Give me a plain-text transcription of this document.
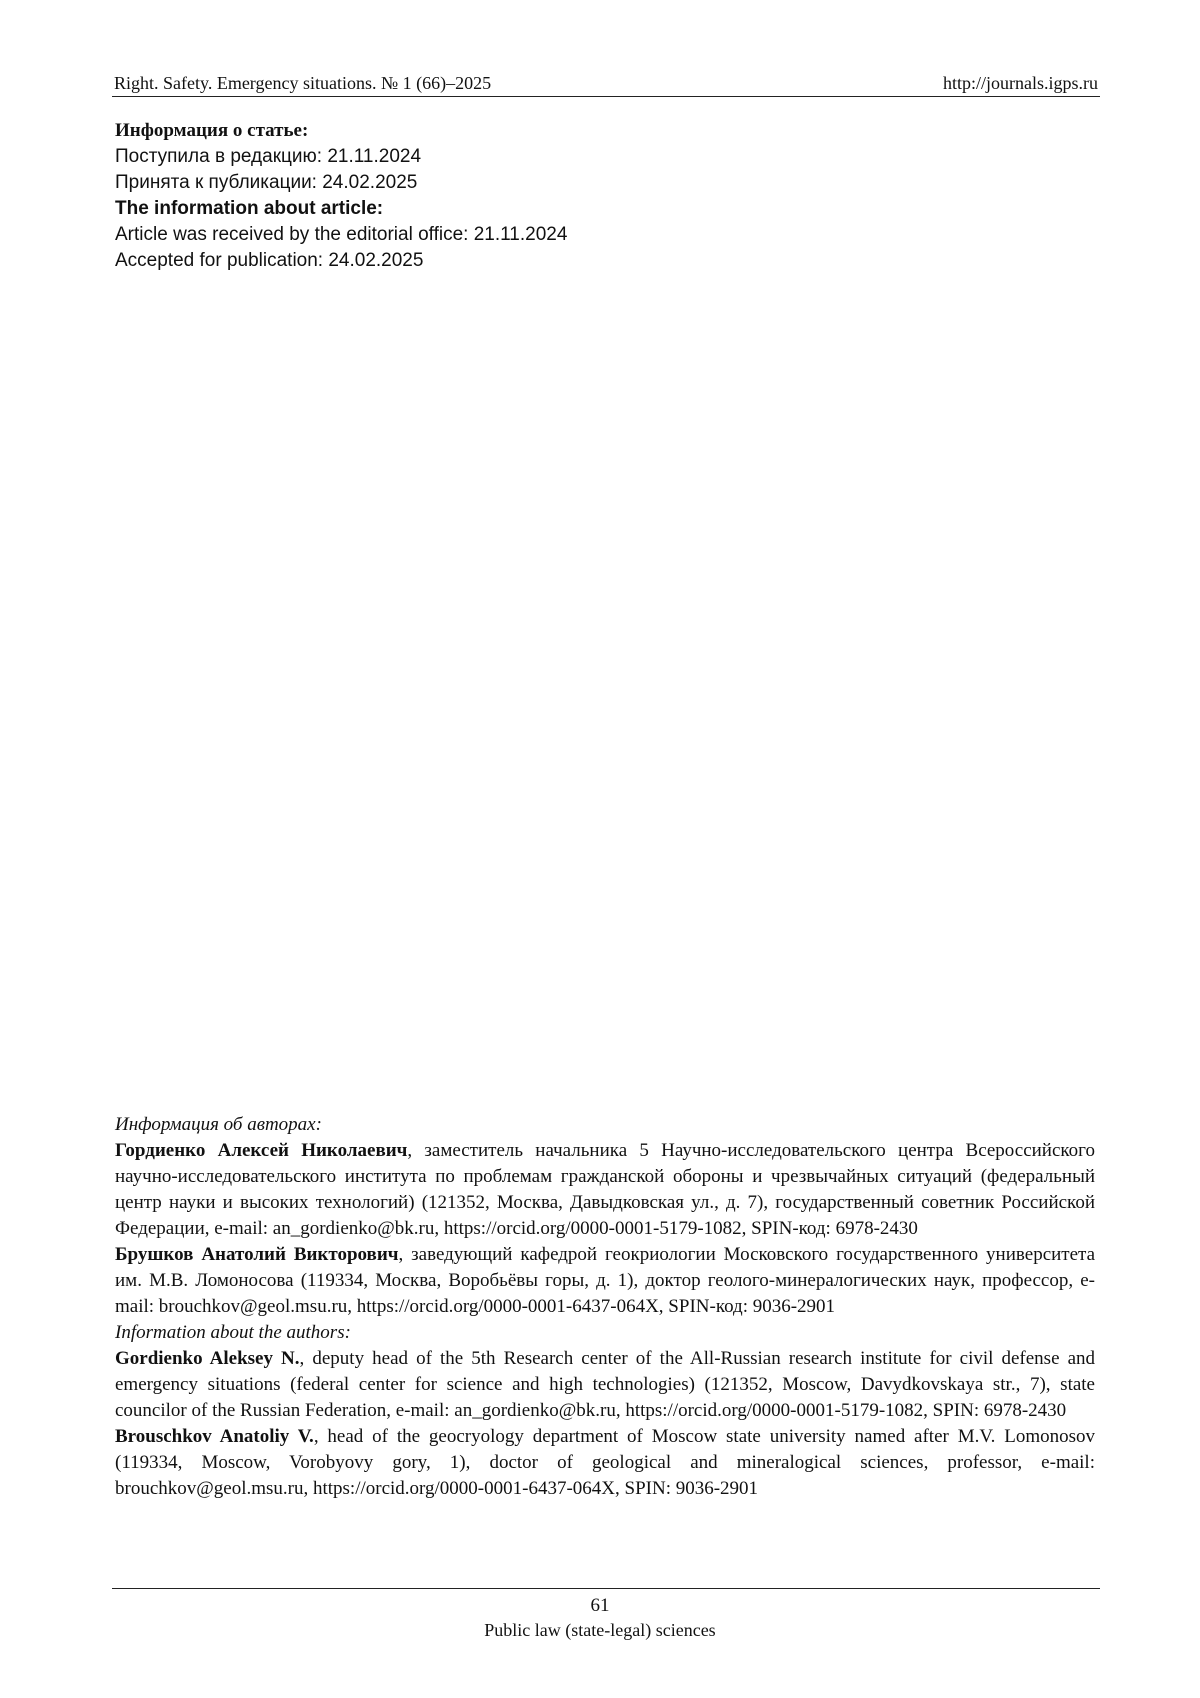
Right. Safety. Emergency situations. № 1 (66)–2025	http://journals.igps.ru
Информация о статье:
Поступила в редакцию: 21.11.2024
Принята к публикации: 24.02.2025
The information about article:
Article was received by the editorial office: 21.11.2024
Accepted for publication: 24.02.2025

Информация об авторах:

Гордиенко Алексей Николаевич, заместитель начальника 5 Научно-исследовательского центра Всероссийского научно-исследовательского института по проблемам гражданской обороны и чрезвычайных ситуаций (федеральный центр науки и высоких технологий) (121352, Москва, Давыдковская ул., д. 7), государственный советник Российской Федерации, e-mail: an_gordienko@bk.ru, https://orcid.org/0000-0001-5179-1082, SPIN-код: 6978-2430

Брушков Анатолий Викторович, заведующий кафедрой геокриологии Московского государственного университета им. М.В. Ломоносова (119334, Москва, Воробьёвы горы, д. 1), доктор геолого-минералогических наук, профессор, e-mail: brouchkov@geol.msu.ru, https://orcid.org/0000-0001-6437-064X, SPIN-код: 9036-2901

Information about the authors:

Gordienko Aleksey N., deputy head of the 5th Research center of the All-Russian research institute for civil defense and emergency situations (federal center for science and high technologies) (121352, Moscow, Davydkovskaya str., 7), state councilor of the Russian Federation, e-mail: an_gordienko@bk.ru, https://orcid.org/0000-0001-5179-1082, SPIN: 6978-2430

Brouschkov Anatoliy V., head of the geocryology department of Moscow state university named after M.V. Lomonosov (119334, Moscow, Vorobyovy gory, 1), doctor of geological and mineralogical sciences, professor, e-mail: brouchkov@geol.msu.ru, https://orcid.org/0000-0001-6437-064X, SPIN: 9036-2901

61
Public law (state-legal) sciences
